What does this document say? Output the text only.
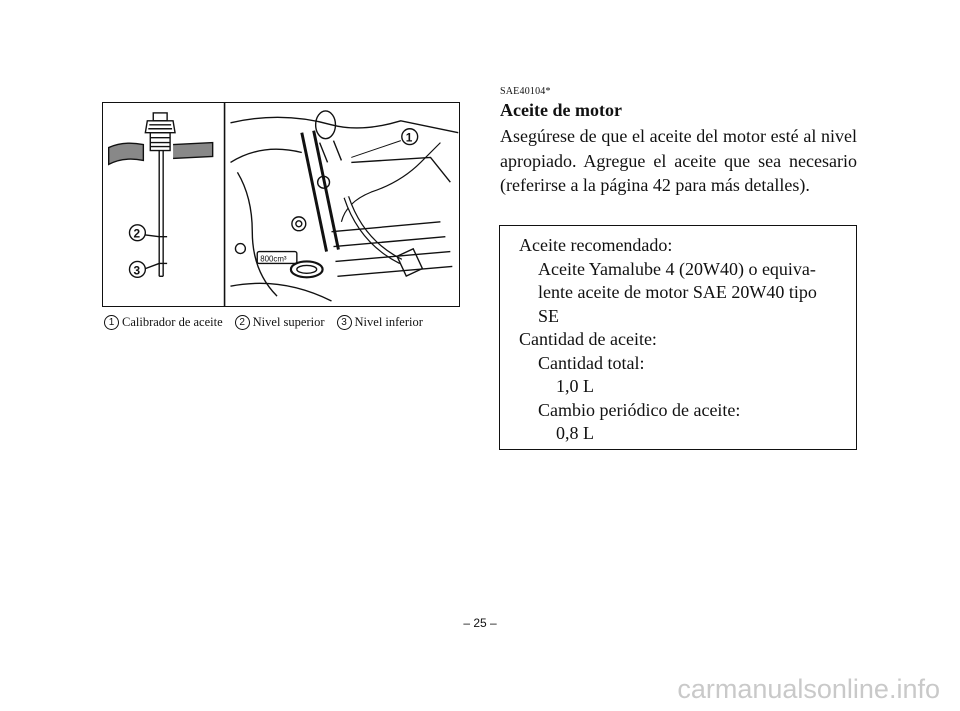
800cm³
1
2
3
1 Calibrador de aceite	2 Nivel superior	3 Nivel inferior
SAE40104*
Aceite de motor

Asegúrese de que el aceite del motor esté al nivel apropiado. Agregue el aceite que sea necesario (referirse a la página 42 para más detalles).

Aceite recomendado:
Aceite Yamalube 4 (20W40) o equiva-
lente aceite de motor SAE 20W40 tipo
SE
Cantidad de aceite:
Cantidad total:
1,0 L
Cambio periódico de aceite:
0,8 L
– 25 –
carmanualsonline.info
